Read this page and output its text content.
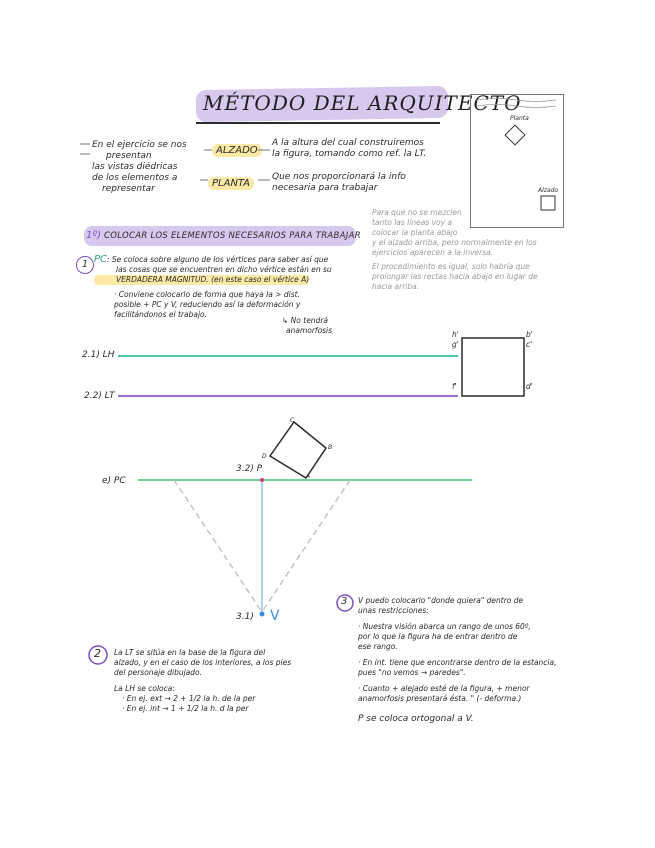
MÉTODO DEL ARQUITECTO
En el ejercicio se nos
presentan
las vistas diédricas
de los elementos a
representar
ALZADO
A la altura del cual construiremos
la figura, tomando como ref. la LT.
PLANTA
Que nos proporcionará la info
necesaria para trabajar
Planta
Alzado
Para que no se mezclen
tanto las líneas voy a
colocar la planta abajo
y el alzado arriba, pero normalmente en los
ejercicios aparecen a la inversa.
El procedimiento es igual, solo habría que
prolongar las rectas hacia abajo en lugar de
hacia arriba.
1º) COLOCAR LOS ELEMENTOS NECESARIOS PARA TRABAJAR
1 PC: Se coloca sobre alguno de los vértices para saber así que
las cosas que se encuentren en dicho vértice están en su
VERDADERA MAGNITUD. (en este caso el vértice A)
· Conviene colocarlo de forma que haya la > dist.
posible + PC y V, reduciendo así la deformación y
facilitándonos el trabajo.
↳ No tendrá
anamorfosis
2.1) LH
2.2) LT
e) PC
3.2) P
3.1) V
h'
g'
b'
c'
f'	d'
A
B
C
D
2 La LT se sitúa en la base de la figura del
alzado, y en el caso de los interiores, a los pies
del personaje dibujado.
La LH se coloca:
· En ej. ext → 2 + 1/2 la h. de la per
· En ej. int → 1 + 1/2 la h. d la per
3 V puedo colocarlo "donde quiera" dentro de
unas restricciones:
· Nuestra visión abarca un rango de unos 60º,
por lo que la figura ha de entrar dentro de
ese rango.
· En int. tiene que encontrarse dentro de la estancia,
pues "no vemos → paredes".
· Cuanto + alejado esté de la figura, + menor
anamorfosis presentará ésta. " (- deforma.)
P se coloca ortogonal a V.
